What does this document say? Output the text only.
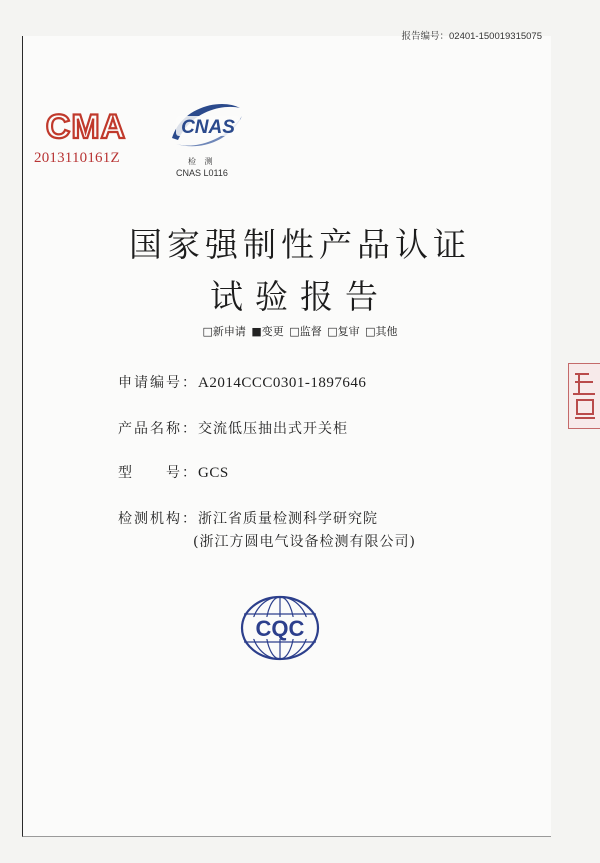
报告编号：02401-150019315075
CMA
2013110161Z
CNAS
检 测
CNAS L0116
国家强制性产品认证
试验报告
□新申请 ■变更 □监督 □复审 □其他
申请编号：A2014CCC0301-1897646
产品名称：交流低压抽出式开关柜
型　　号：GCS
检测机构：浙江省质量检测科学研究院
(浙江方圆电气设备检测有限公司)
CQC
